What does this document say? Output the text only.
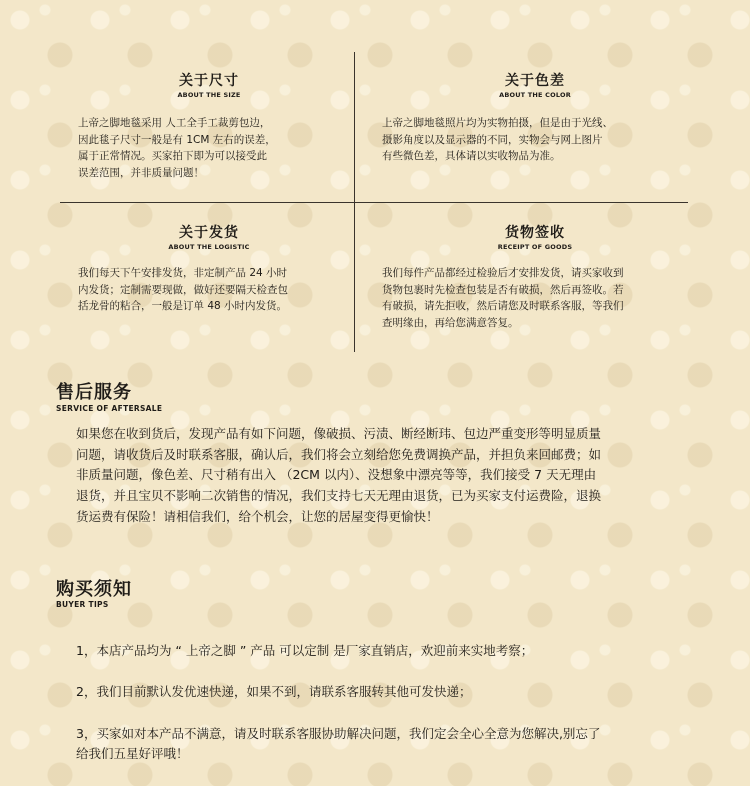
关于尺寸
ABOUT THE SIZE
上帝之脚地毯采用 人工全手工裁剪包边，
因此毯子尺寸一般是有 1CM 左右的误差，
属于正常情况。买家拍下即为可以接受此
误差范围，并非质量问题！
关于色差
ABOUT THE COLOR
上帝之脚地毯照片均为实物拍摄，但是由于光线、
摄影角度以及显示器的不同，实物会与网上图片
有些微色差，具体请以实收物品为准。
关于发货
ABOUT THE LOGISTIC
我们每天下午安排发货，非定制产品 24 小时
内发货；定制需要现做，做好还要隔天检查包
括龙骨的粘合，一般是订单 48 小时内发货。
货物签收
RECEIPT OF GOODS
我们每件产品都经过检验后才安排发货，请买家收到
货物包裹时先检查包装是否有破损，然后再签收。若
有破损，请先拒收，然后请您及时联系客服，等我们
查明缘由，再给您满意答复。
售后服务
SERVICE OF AFTERSALE
如果您在收到货后，发现产品有如下问题，像破损、污渍、断经断玮、包边严重变形等明显质量
问题，请收货后及时联系客服，确认后，我们将会立刻给您免费调换产品，并担负来回邮费；如
非质量问题，像色差、尺寸稍有出入 （2CM 以内）、没想象中漂亮等等，我们接受 7 天无理由
退货，并且宝贝不影响二次销售的情况，我们支持七天无理由退货，已为买家支付运费险，退换
货运费有保险！请相信我们，给个机会，让您的居屋变得更愉快！
购买须知
BUYER TIPS

1，本店产品均为 “ 上帝之脚 ” 产品 可以定制 是厂家直销店，欢迎前来实地考察；

2，我们目前默认发优速快递，如果不到，请联系客服转其他可发快递；

3，买家如对本产品不满意，请及时联系客服协助解决问题，我们定会全心全意为您解决,别忘了
给我们五星好评哦！
